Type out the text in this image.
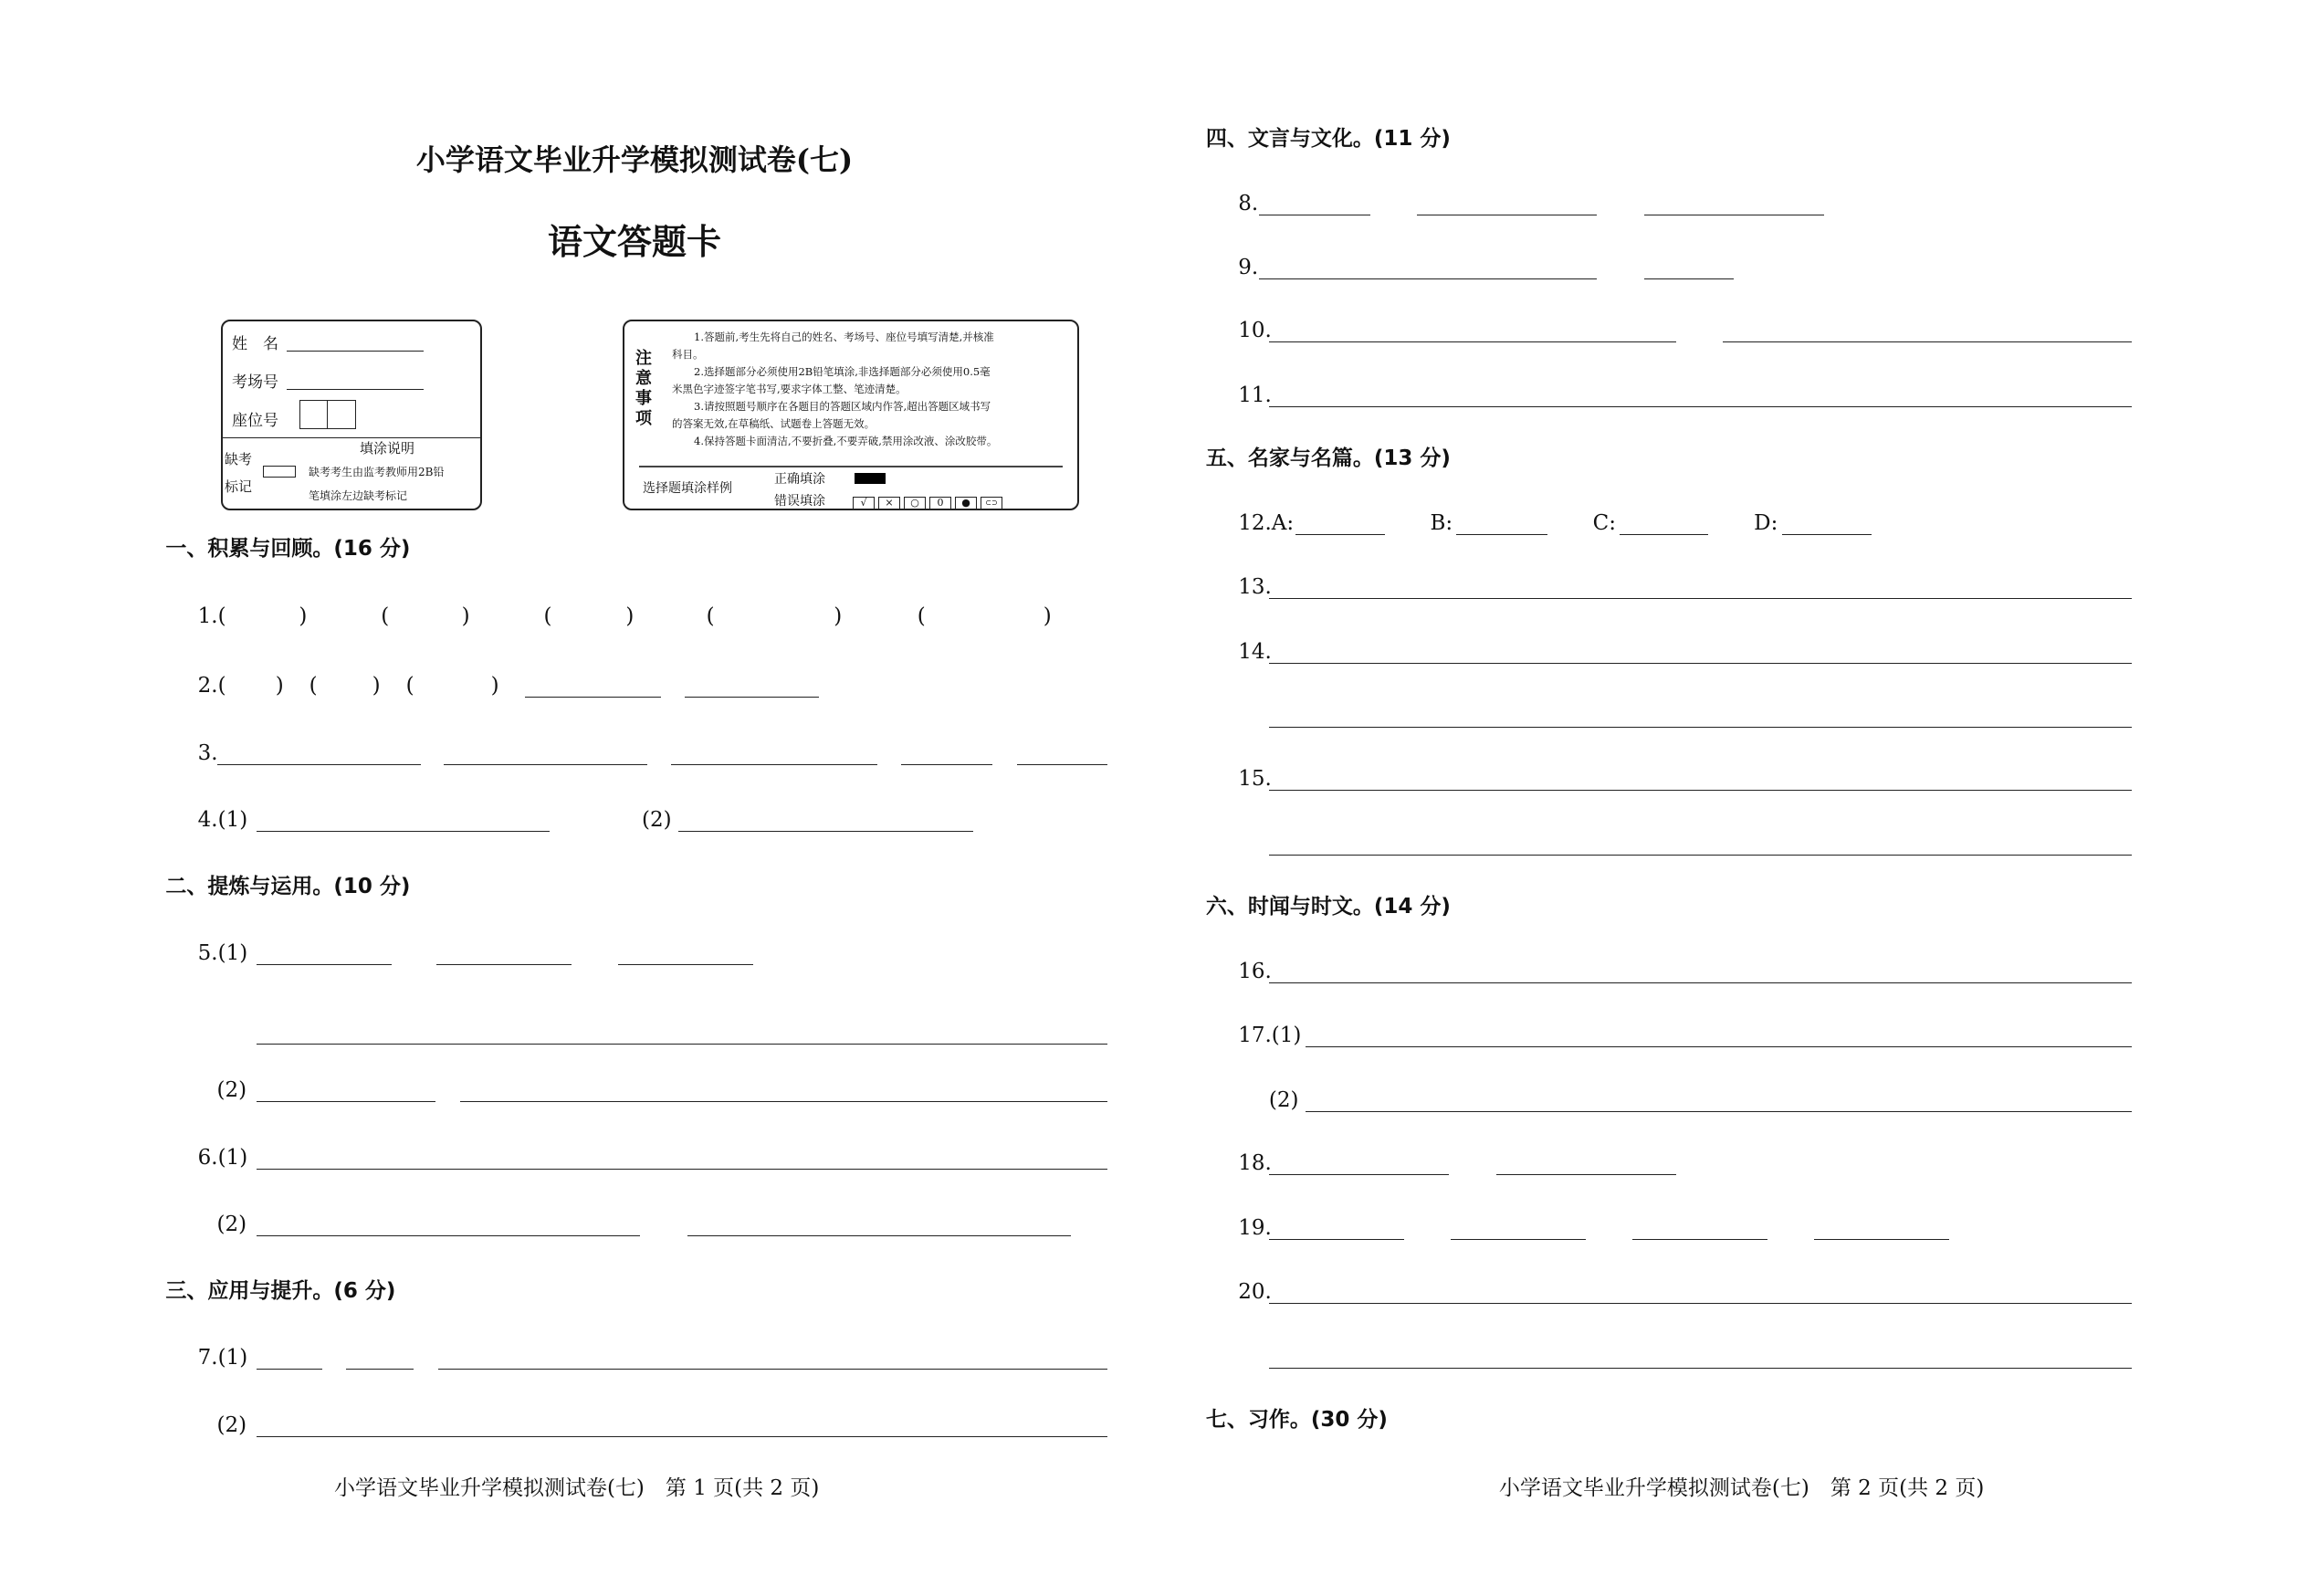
小学语文毕业升学模拟测试卷(七)
语文答题卡
姓　名
考场号
座位号
缺考
标记
填涂说明
缺考考生由监考教师用2B铅
笔填涂左边缺考标记
注意事项
1.答题前,考生先将自己的姓名、考场号、座位号填写清楚,并核准
科目。
2.选择题部分必须使用2B铅笔填涂,非选择题部分必须使用0.5毫
米黑色字迹签字笔书写,要求字体工整、笔迹清楚。
3.请按照题号顺序在各题目的答题区域内作答,超出答题区域书写
的答案无效,在草稿纸、试题卷上答题无效。
4.保持答题卡面清洁,不要折叠,不要弄破,禁用涂改液、涂改胶带。
选择题填涂样例
正确填涂
错误填涂	√ × ○ 0 ● ⊂⊃
一、积累与回顾。(16 分)
1.(	)	(	)	(	)	(	)	(	)
2.( ) (	) (	)
3.
4.(1)	(2)
二、提炼与运用。(10 分)
5.(1)
(2)
6.(1)
(2)
三、应用与提升。(6 分)
7.(1)
(2)
小学语文毕业升学模拟测试卷(七)　第 1 页(共 2 页)
四、文言与文化。(11 分)
8.
9.
10.
11.
五、名家与名篇。(13 分)
12.A:	B:	C:	D:
13.
14.
15.
六、时闻与时文。(14 分)
16.
17.(1)
(2)
18.
19.
20.
七、习作。(30 分)
小学语文毕业升学模拟测试卷(七)　第 2 页(共 2 页)
